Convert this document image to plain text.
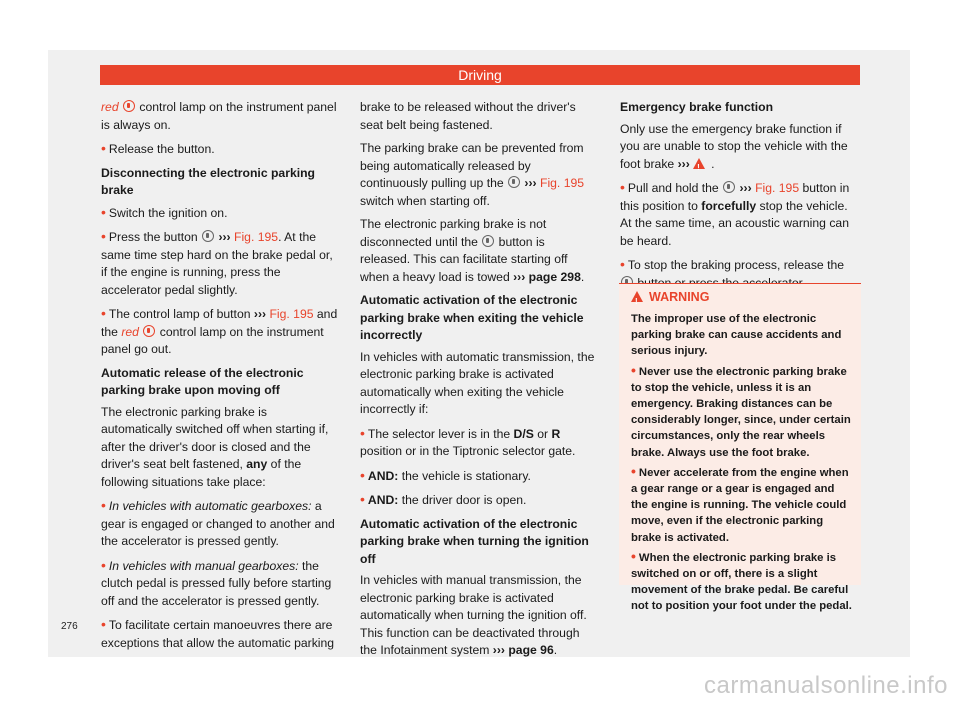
Driving

red  control lamp on the instrument panel is always on.

• Release the button.

Disconnecting the electronic parking brake

• Switch the ignition on.

• Press the button  ››› Fig. 195. At the same time step hard on the brake pedal or, if the engine is running, press the accelerator pedal slightly.

• The control lamp of button ››› Fig. 195 and the red  control lamp on the instrument panel go out.

Automatic release of the electronic parking brake upon moving off

The electronic parking brake is automatically switched off when starting if, after the driver's door is closed and the driver's seat belt fastened, any of the following situations take place:

• In vehicles with automatic gearboxes: a gear is engaged or changed to another and the accelerator is pressed gently.

• In vehicles with manual gearboxes: the clutch pedal is pressed fully before starting off and the accelerator is pressed gently.

• To facilitate certain manoeuvres there are exceptions that allow the automatic parking

brake to be released without the driver's seat belt being fastened.

The parking brake can be prevented from being automatically released by continuously pulling up the  ››› Fig. 195 switch when starting off.

The electronic parking brake is not disconnected until the  button is released. This can facilitate starting off when a heavy load is towed ››› page 298.

Automatic activation of the electronic parking brake when exiting the vehicle incorrectly

In vehicles with automatic transmission, the electronic parking brake is activated automatically when exiting the vehicle incorrectly if:

• The selector lever is in the D/S or R position or in the Tiptronic selector gate.

• AND: the vehicle is stationary.

• AND: the driver door is open.

Automatic activation of the electronic parking brake when turning the ignition off

In vehicles with manual transmission, the electronic parking brake is activated automatically when turning the ignition off. This function can be deactivated through the Infotainment system ››› page 96.

Emergency brake function

Only use the emergency brake function if you are unable to stop the vehicle with the foot brake ››› ! .

• Pull and hold the  ››› Fig. 195 button in this position to forcefully stop the vehicle. At the same time, an acoustic warning can be heard.

• To stop the braking process, release the

!WARNING

The improper use of the electronic parking brake can cause accidents and serious injury.

• Never use the electronic parking brake to stop the vehicle, unless it is an emergency. Braking distances can be considerably longer, since, under certain circumstances, only the rear wheels brake. Always use the foot brake.

• Never accelerate from the engine when a gear range or a gear is engaged and the engine is running. The vehicle could move, even if the electronic parking brake is activated.

• When the electronic parking brake is switched on or off, there is a slight movement of the brake pedal. Be careful not to position your foot under the pedal.

276
carmanualsonline.info
